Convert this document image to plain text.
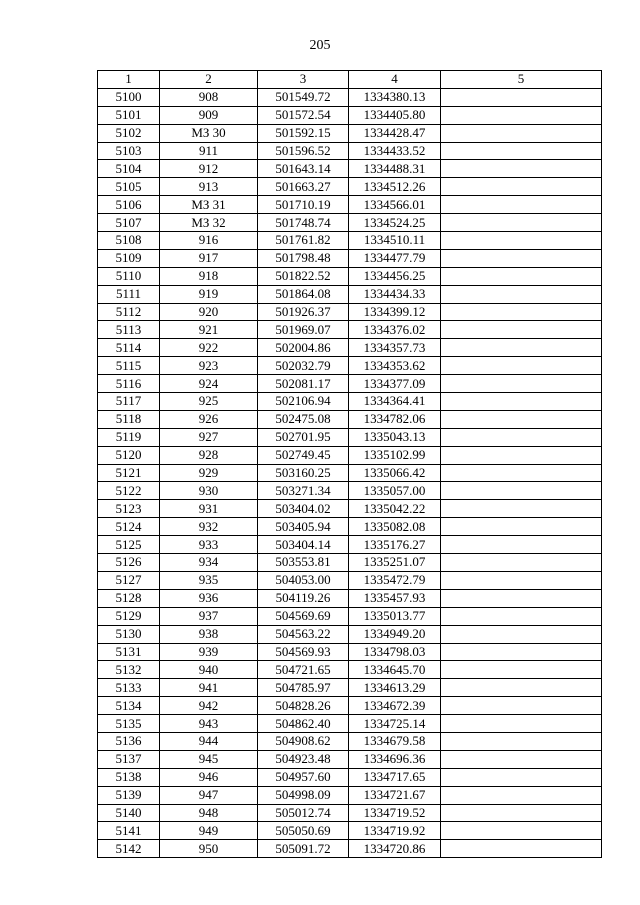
205
1	2	3	4	5
5100	908	501549.72	1334380.13	
5101	909	501572.54	1334405.80	
5102	МЗ 30	501592.15	1334428.47	
5103	911	501596.52	1334433.52	
5104	912	501643.14	1334488.31	
5105	913	501663.27	1334512.26	
5106	МЗ 31	501710.19	1334566.01	
5107	МЗ 32	501748.74	1334524.25	
5108	916	501761.82	1334510.11	
5109	917	501798.48	1334477.79	
5110	918	501822.52	1334456.25	
5111	919	501864.08	1334434.33	
5112	920	501926.37	1334399.12	
5113	921	501969.07	1334376.02	
5114	922	502004.86	1334357.73	
5115	923	502032.79	1334353.62	
5116	924	502081.17	1334377.09	
5117	925	502106.94	1334364.41	
5118	926	502475.08	1334782.06	
5119	927	502701.95	1335043.13	
5120	928	502749.45	1335102.99	
5121	929	503160.25	1335066.42	
5122	930	503271.34	1335057.00	
5123	931	503404.02	1335042.22	
5124	932	503405.94	1335082.08	
5125	933	503404.14	1335176.27	
5126	934	503553.81	1335251.07	
5127	935	504053.00	1335472.79	
5128	936	504119.26	1335457.93	
5129	937	504569.69	1335013.77	
5130	938	504563.22	1334949.20	
5131	939	504569.93	1334798.03	
5132	940	504721.65	1334645.70	
5133	941	504785.97	1334613.29	
5134	942	504828.26	1334672.39	
5135	943	504862.40	1334725.14	
5136	944	504908.62	1334679.58	
5137	945	504923.48	1334696.36	
5138	946	504957.60	1334717.65	
5139	947	504998.09	1334721.67	
5140	948	505012.74	1334719.52	
5141	949	505050.69	1334719.92	
5142	950	505091.72	1334720.86	
